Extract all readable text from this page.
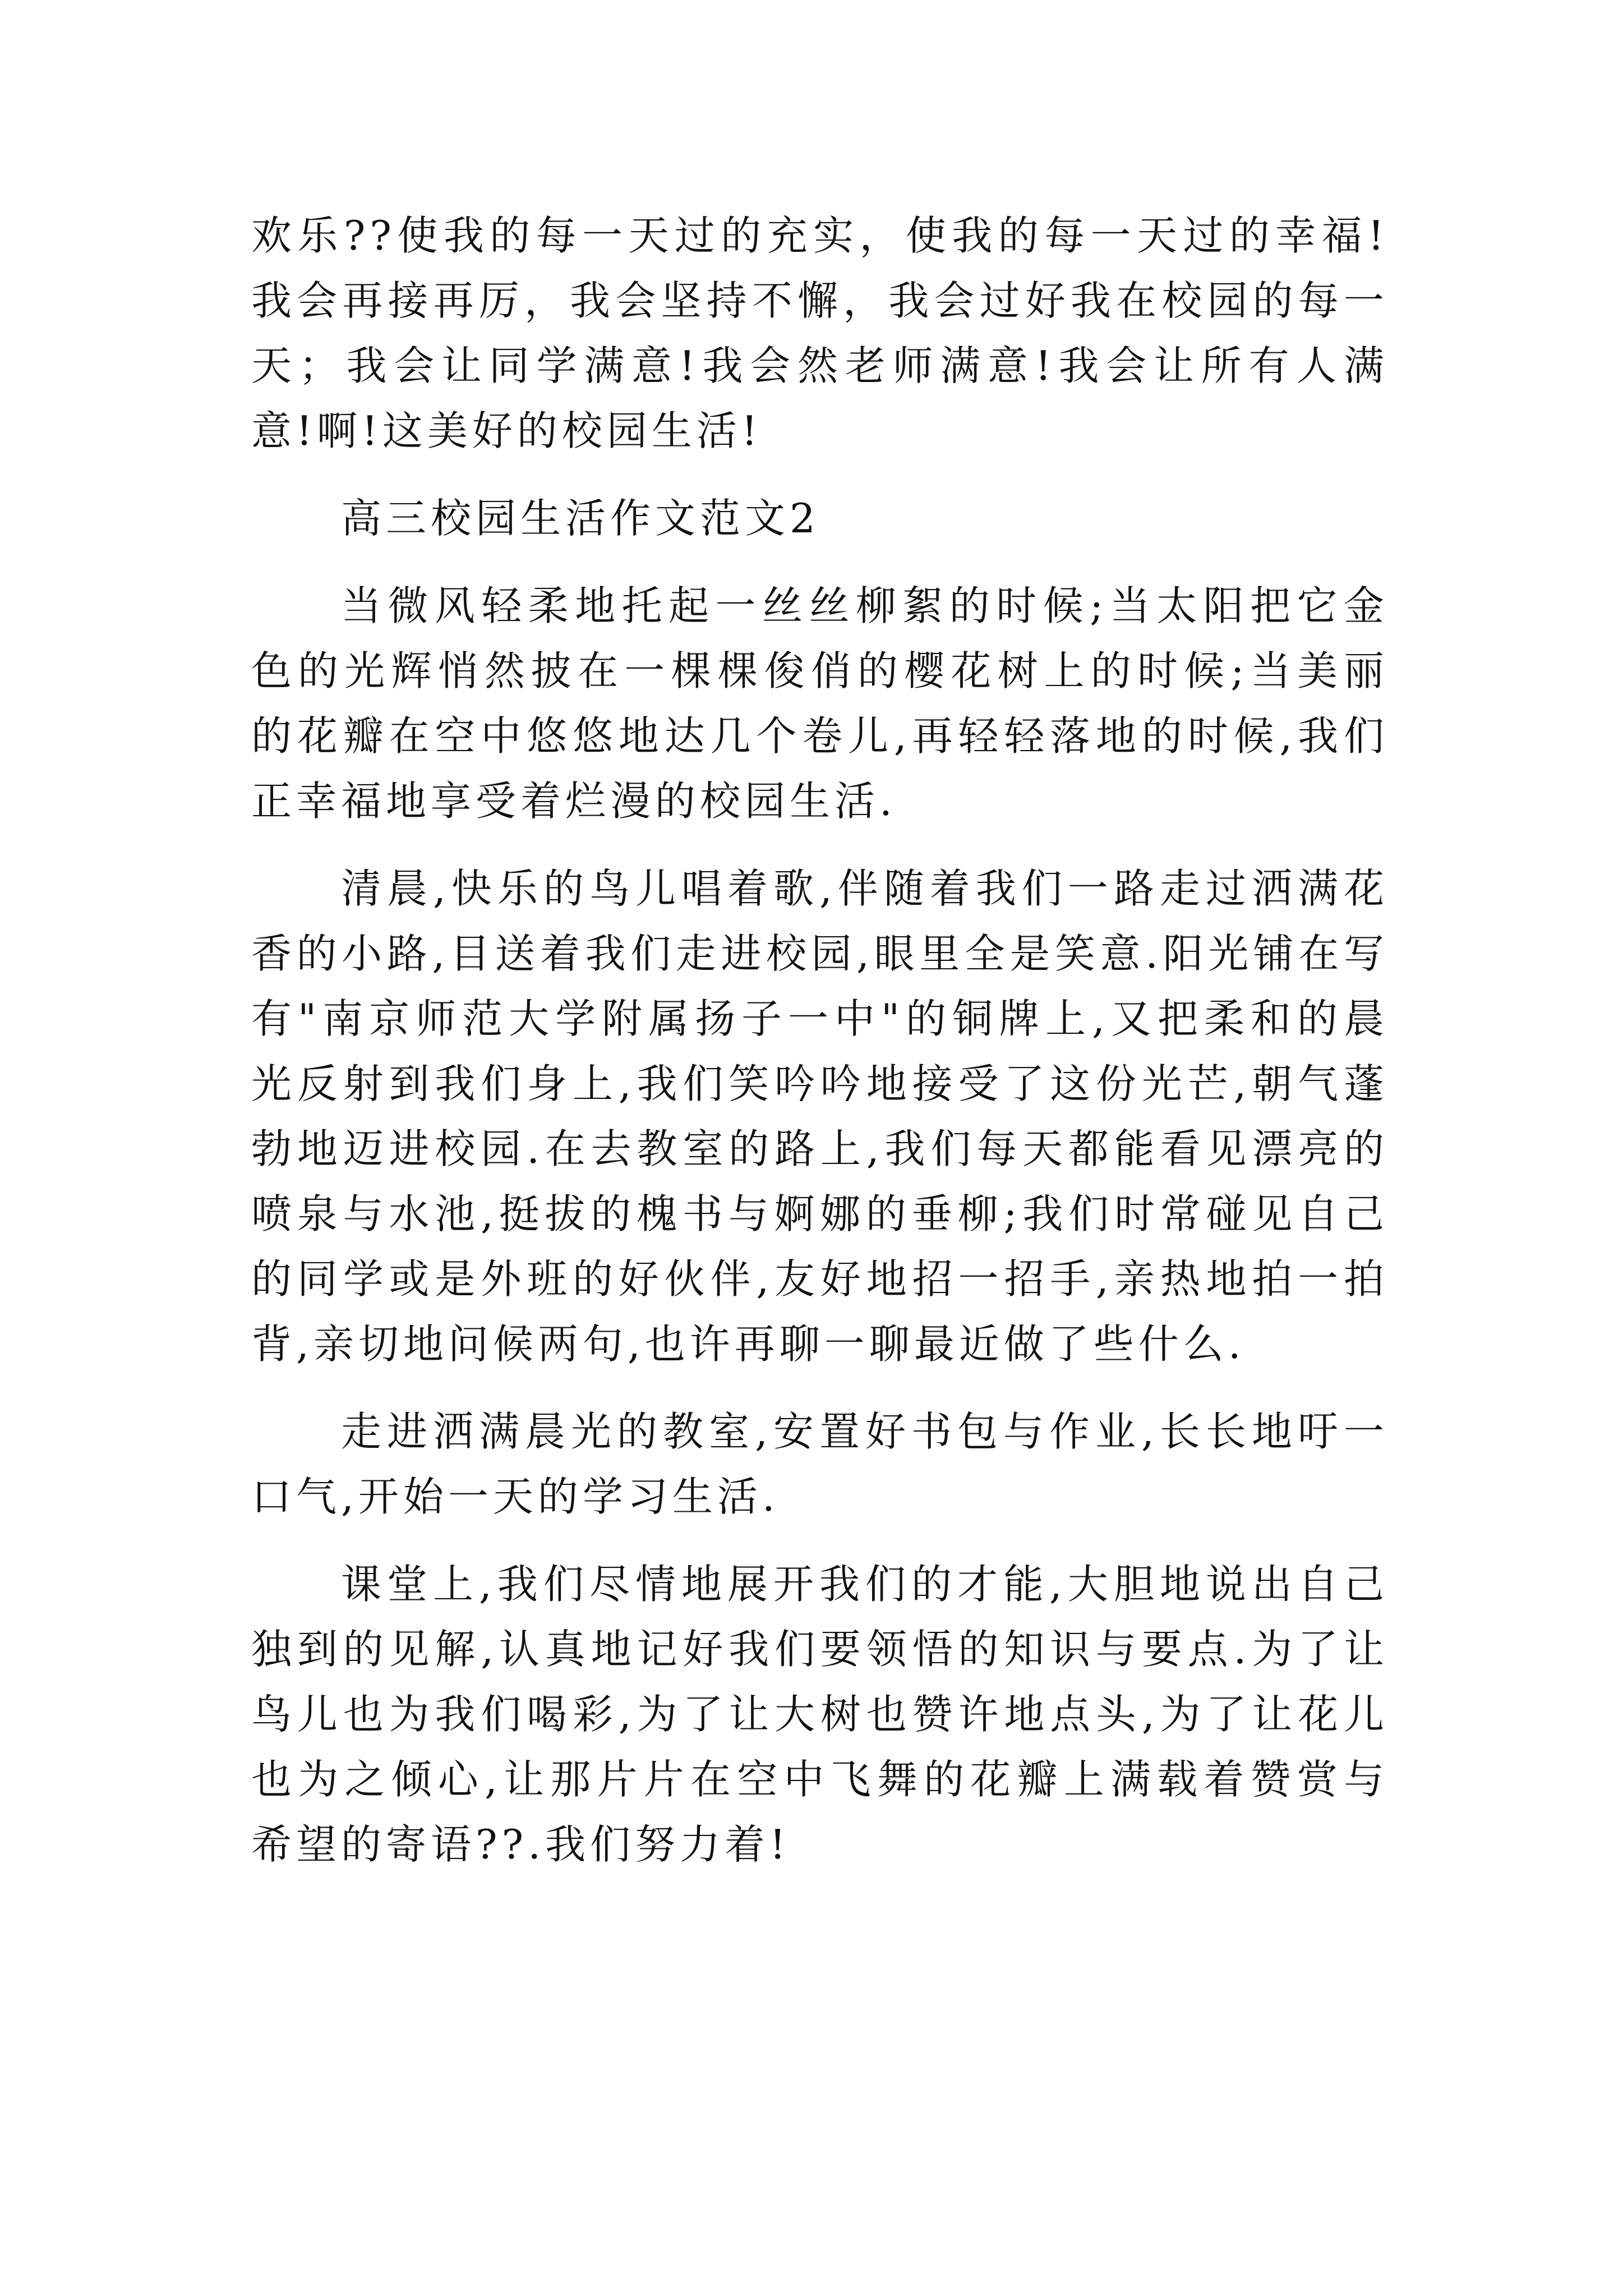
欢乐??使我的每一天过的充实，使我的每一天过的幸福!我会再接再厉，我会坚持不懈，我会过好我在校园的每一天；我会让同学满意!我会然老师满意!我会让所有人满意!啊!这美好的校园生活!

高三校园生活作文范文2

当微风轻柔地托起一丝丝柳絮的时候;当太阳把它金色的光辉悄然披在一棵棵俊俏的樱花树上的时候;当美丽的花瓣在空中悠悠地达几个卷儿,再轻轻落地的时候,我们正幸福地享受着烂漫的校园生活.

清晨,快乐的鸟儿唱着歌,伴随着我们一路走过洒满花香的小路,目送着我们走进校园,眼里全是笑意.阳光铺在写有"南京师范大学附属扬子一中"的铜牌上,又把柔和的晨光反射到我们身上,我们笑吟吟地接受了这份光芒,朝气蓬勃地迈进校园.在去教室的路上,我们每天都能看见漂亮的喷泉与水池,挺拔的槐书与婀娜的垂柳;我们时常碰见自己的同学或是外班的好伙伴,友好地招一招手,亲热地拍一拍背,亲切地问候两句,也许再聊一聊最近做了些什么.

走进洒满晨光的教室,安置好书包与作业,长长地吁一口气,开始一天的学习生活.

课堂上,我们尽情地展开我们的才能,大胆地说出自己独到的见解,认真地记好我们要领悟的知识与要点.为了让鸟儿也为我们喝彩,为了让大树也赞许地点头,为了让花儿也为之倾心,让那片片在空中飞舞的花瓣上满载着赞赏与希望的寄语??.我们努力着!
